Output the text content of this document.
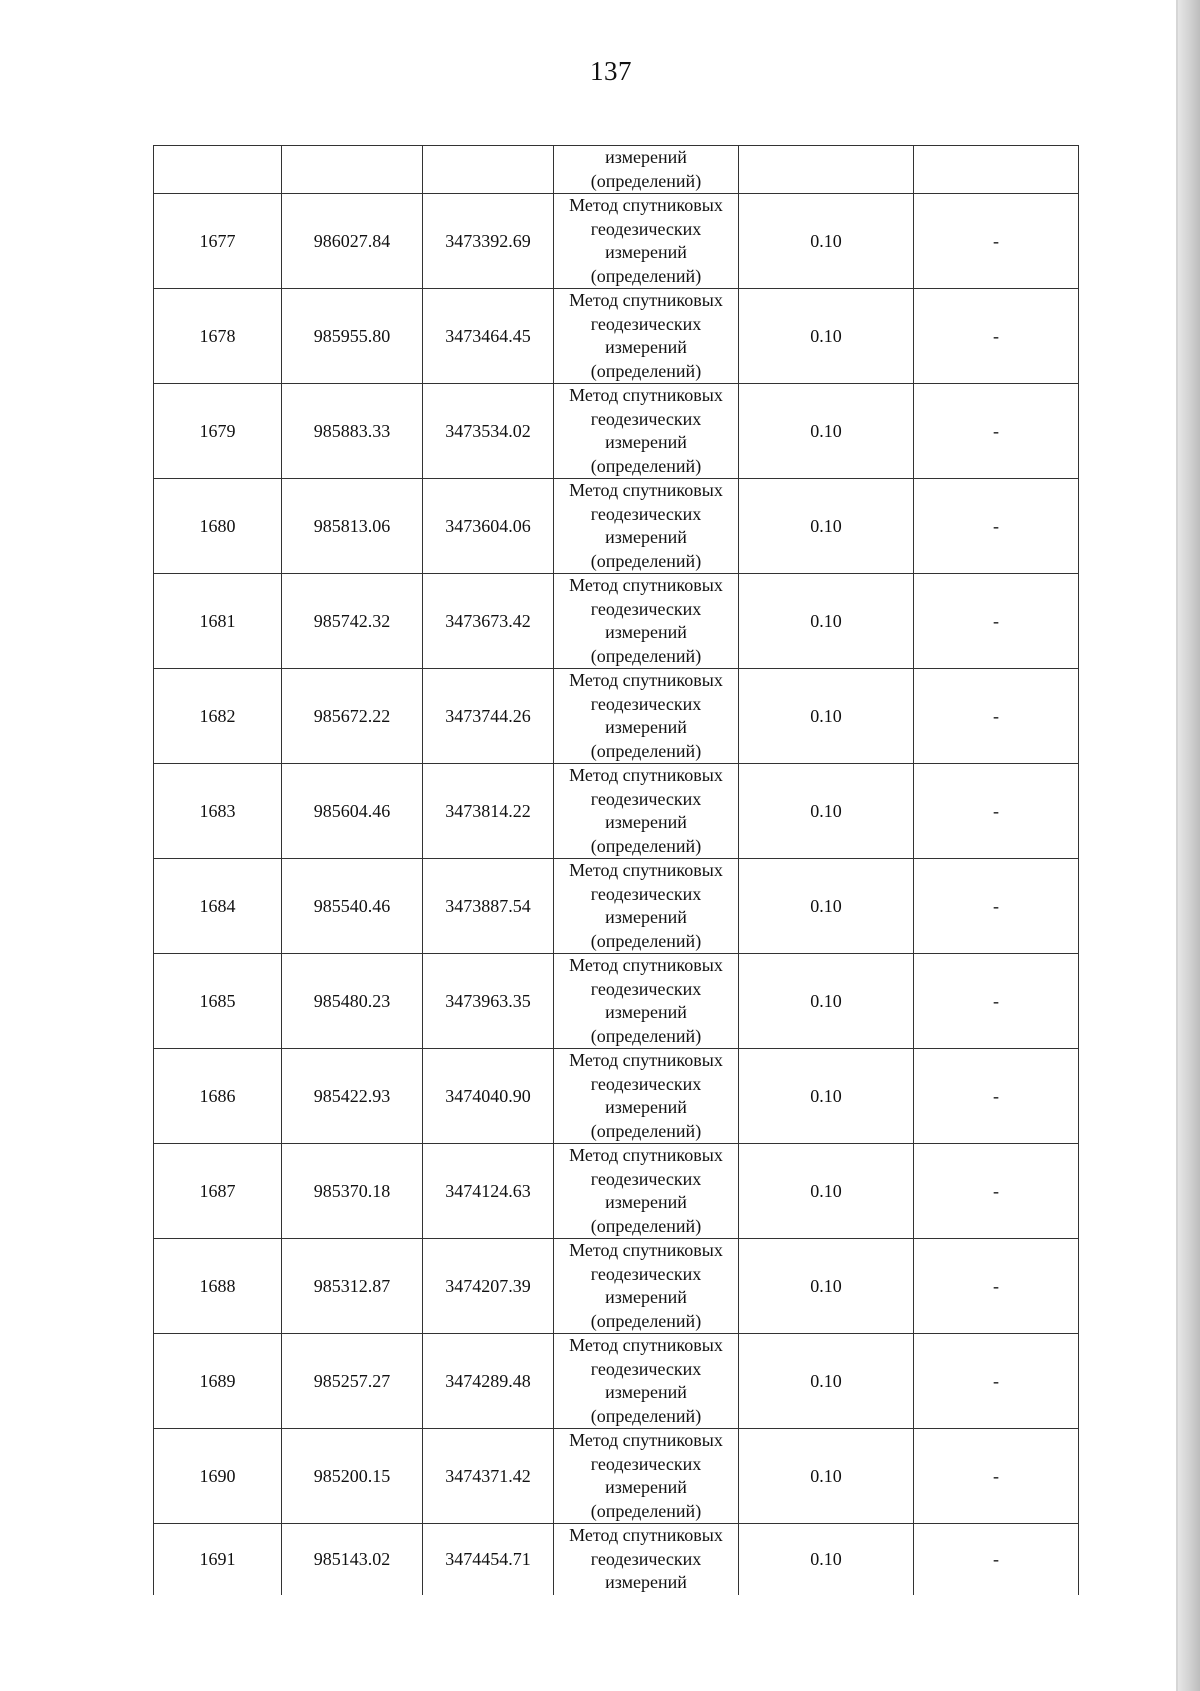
137

			измерений
(определений)		

1677	986027.84	3473392.69	Метод спутниковых
геодезических
измерений
(определений)	0.10	-
1678	985955.80	3473464.45	Метод спутниковых
геодезических
измерений
(определений)	0.10	-
1679	985883.33	3473534.02	Метод спутниковых
геодезических
измерений
(определений)	0.10	-
1680	985813.06	3473604.06	Метод спутниковых
геодезических
измерений
(определений)	0.10	-
1681	985742.32	3473673.42	Метод спутниковых
геодезических
измерений
(определений)	0.10	-
1682	985672.22	3473744.26	Метод спутниковых
геодезических
измерений
(определений)	0.10	-
1683	985604.46	3473814.22	Метод спутниковых
геодезических
измерений
(определений)	0.10	-
1684	985540.46	3473887.54	Метод спутниковых
геодезических
измерений
(определений)	0.10	-
1685	985480.23	3473963.35	Метод спутниковых
геодезических
измерений
(определений)	0.10	-
1686	985422.93	3474040.90	Метод спутниковых
геодезических
измерений
(определений)	0.10	-
1687	985370.18	3474124.63	Метод спутниковых
геодезических
измерений
(определений)	0.10	-
1688	985312.87	3474207.39	Метод спутниковых
геодезических
измерений
(определений)	0.10	-
1689	985257.27	3474289.48	Метод спутниковых
геодезических
измерений
(определений)	0.10	-
1690	985200.15	3474371.42	Метод спутниковых
геодезических
измерений
(определений)	0.10	-
1691	985143.02	3474454.71	Метод спутниковых
геодезических
измерений	0.10	-
